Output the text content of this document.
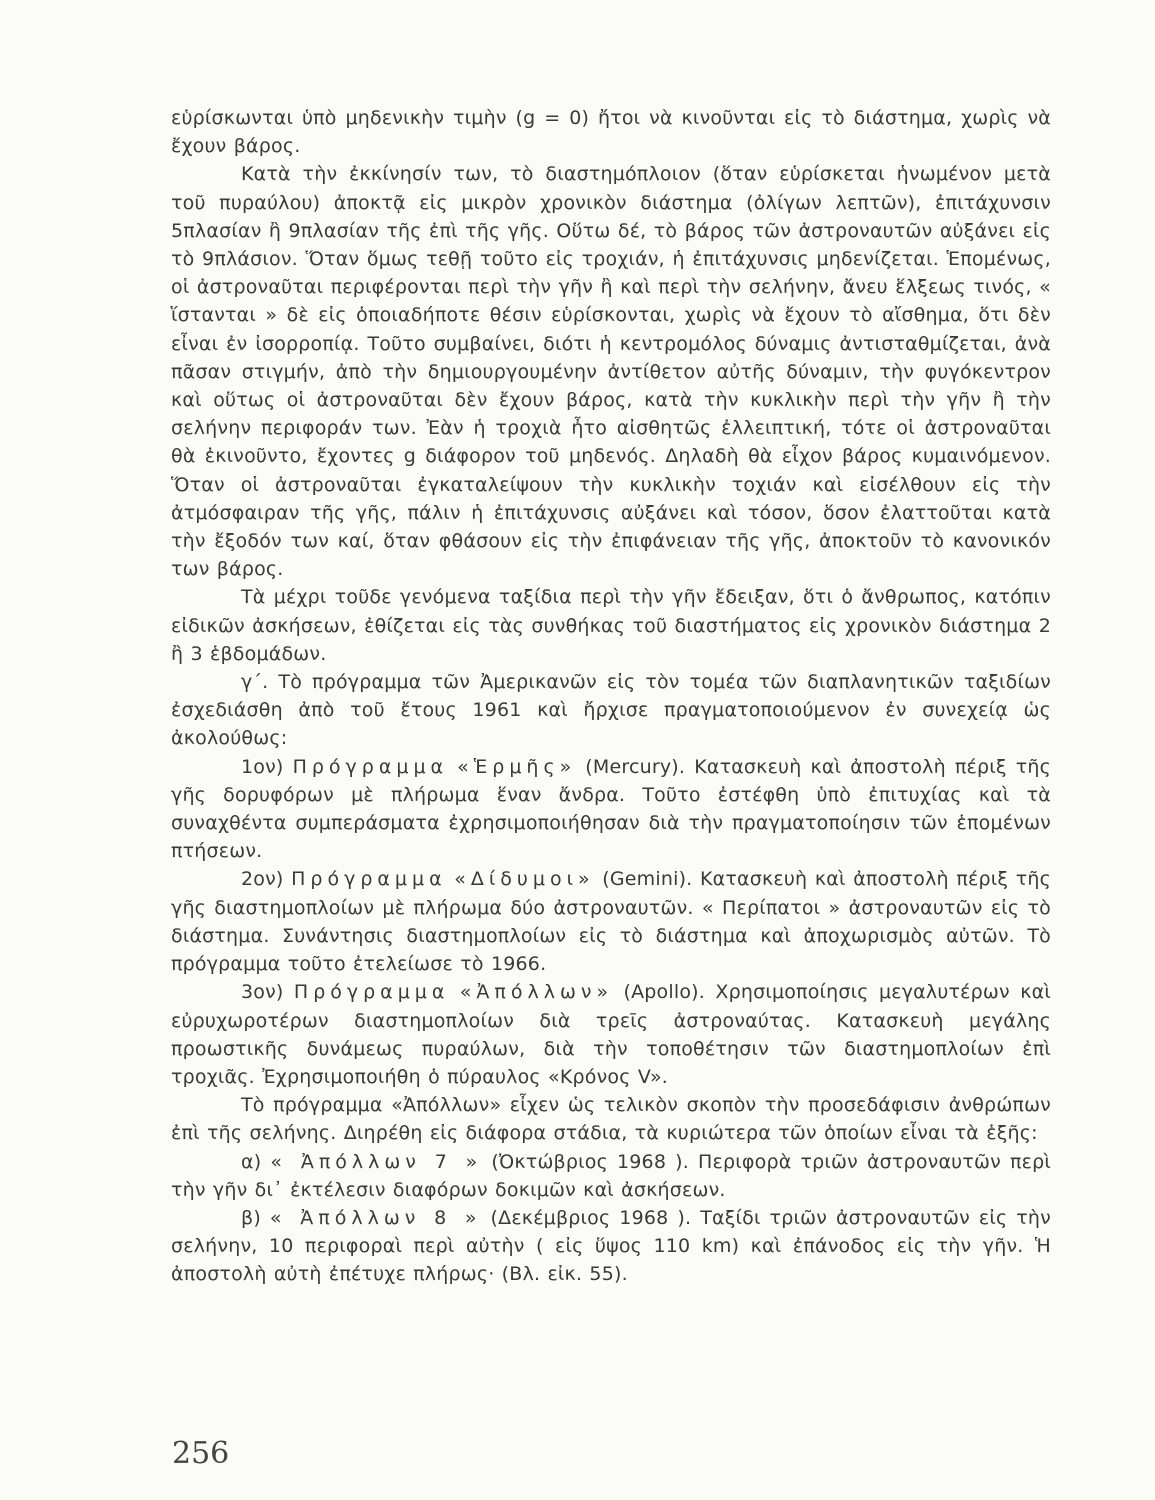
εὑρίσκωνται ὑπὸ μηδενικὴν τιμὴν (g = 0) ἤτοι νὰ κινοῦνται εἰς τὸ διάστημα, χωρὶς νὰ ἔχουν βάρος.

Κατὰ τὴν ἐκκίνησίν των, τὸ διαστημόπλοιον (ὅταν εὑρίσκεται ἡνωμένον μετὰ τοῦ πυραύλου) ἀποκτᾷ εἰς μικρὸν χρονικὸν διάστημα (ὀλίγων λεπτῶν), ἐπιτάχυνσιν 5πλασίαν ἢ 9πλασίαν τῆς ἐπὶ τῆς γῆς. Οὕτω δέ, τὸ βάρος τῶν ἀστροναυτῶν αὐξάνει εἰς τὸ 9πλάσιον. Ὅταν ὅμως τεθῇ τοῦτο εἰς τροχιάν, ἡ ἐπιτάχυνσις μηδενίζεται. Ἑπομένως, οἱ ἀστροναῦται περιφέρονται περὶ τὴν γῆν ἢ καὶ περὶ τὴν σελήνην, ἄνευ ἕλξεως τινός, « ἵστανται » δὲ εἰς ὁποιαδήποτε θέσιν εὑρίσκονται, χωρὶς νὰ ἔχουν τὸ αἴσθημα, ὅτι δὲν εἶναι ἐν ἰσορροπίᾳ. Τοῦτο συμβαίνει, διότι ἡ κεντρομόλος δύναμις ἀντισταθμίζεται, ἀνὰ πᾶσαν στιγμήν, ἀπὸ τὴν δημιουργουμένην ἀντίθετον αὐτῆς δύναμιν, τὴν φυγόκεντρον καὶ οὕτως οἱ ἀστροναῦται δὲν ἔχουν βάρος, κατὰ τὴν κυκλικὴν περὶ τὴν γῆν ἢ τὴν σελήνην περιφοράν των. Ἐὰν ἡ τροχιὰ ἦτο αἰσθητῶς ἐλλειπτική, τότε οἱ ἀστροναῦται θὰ ἐκινοῦντο, ἔχοντες g διάφορον τοῦ μηδενός. Δηλαδὴ θὰ εἶχον βάρος κυμαινόμενον. Ὅταν οἱ ἀστροναῦται ἐγκαταλείψουν τὴν κυκλικὴν τοχιάν καὶ εἰσέλθουν εἰς τὴν ἀτμόσφαιραν τῆς γῆς, πάλιν ἡ ἐπιτάχυνσις αὐξάνει καὶ τόσον, ὅσον ἐλαττοῦται κατὰ τὴν ἔξοδόν των καί, ὅταν φθάσουν εἰς τὴν ἐπιφάνειαν τῆς γῆς, ἀποκτοῦν τὸ κανονικόν των βάρος.

Τὰ μέχρι τοῦδε γενόμενα ταξίδια περὶ τὴν γῆν ἔδειξαν, ὅτι ὁ ἄνθρωπος, κατόπιν εἰδικῶν ἀσκήσεων, ἐθίζεται εἰς τὰς συνθήκας τοῦ διαστήματος εἰς χρονικὸν διάστημα 2 ἢ 3 ἑβδομάδων.

γ΄. Τὸ πρόγραμμα τῶν Ἀμερικανῶν εἰς τὸν τομέα τῶν διαπλανητικῶν ταξιδίων ἐσχεδιάσθη ἀπὸ τοῦ ἔτους 1961 καὶ ἤρχισε πραγματοποιούμενον ἐν συνεχείᾳ ὡς ἀκολούθως:

1ον) Πρόγραμμα «Ἑρμῆς» (Mercury). Κατασκευὴ καὶ ἀποστολὴ πέριξ τῆς γῆς δορυφόρων μὲ πλήρωμα ἕναν ἄνδρα. Τοῦτο ἐστέφθη ὑπὸ ἐπιτυχίας καὶ τὰ συναχθέντα συμπεράσματα ἐχρησιμοποιήθησαν διὰ τὴν πραγματοποίησιν τῶν ἑπομένων πτήσεων.

2ον) Πρόγραμμα «Δίδυμοι» (Gemini). Κατασκευὴ καὶ ἀποστολὴ πέριξ τῆς γῆς διαστημοπλοίων μὲ πλήρωμα δύο ἀστροναυτῶν. « Περίπατοι » ἀστροναυτῶν εἰς τὸ διάστημα. Συνάντησις διαστημοπλοίων εἰς τὸ διάστημα καὶ ἀποχωρισμὸς αὐτῶν. Τὸ πρόγραμμα τοῦτο ἐτελείωσε τὸ 1966.

3ον) Πρόγραμμα «Ἀπόλλων» (Apollo). Χρησιμοποίησις μεγαλυτέρων καὶ εὐρυχωροτέρων διαστημοπλοίων διὰ τρεῖς ἀστροναύτας. Κατασκευὴ μεγάλης προωστικῆς δυνάμεως πυραύλων, διὰ τὴν τοποθέτησιν τῶν διαστημοπλοίων ἐπὶ τροχιᾶς. Ἐχρησιμοποιήθη ὁ πύραυλος «Κρόνος V».

Τὸ πρόγραμμα «Ἀπόλλων» εἶχεν ὡς τελικὸν σκοπὸν τὴν προσεδάφισιν ἀνθρώπων ἐπὶ τῆς σελήνης. Διηρέθη εἰς διάφορα στάδια, τὰ κυριώτερα τῶν ὁποίων εἶναι τὰ ἑξῆς:

α) « Ἀπόλλων 7 » (Ὀκτώβριος 1968 ). Περιφορὰ τριῶν ἀστροναυτῶν περὶ τὴν γῆν δι᾿ ἐκτέλεσιν διαφόρων δοκιμῶν καὶ ἀσκήσεων.

β) « Ἀπόλλων 8 » (Δεκέμβριος 1968 ). Ταξίδι τριῶν ἀστροναυτῶν εἰς τὴν σελήνην, 10 περιφοραὶ περὶ αὐτὴν ( εἰς ὕψος 110 km) καὶ ἐπάνοδος εἰς τὴν γῆν. Ἡ ἀποστολὴ αὐτὴ ἐπέτυχε πλήρως· (Βλ. εἰκ. 55).

256
